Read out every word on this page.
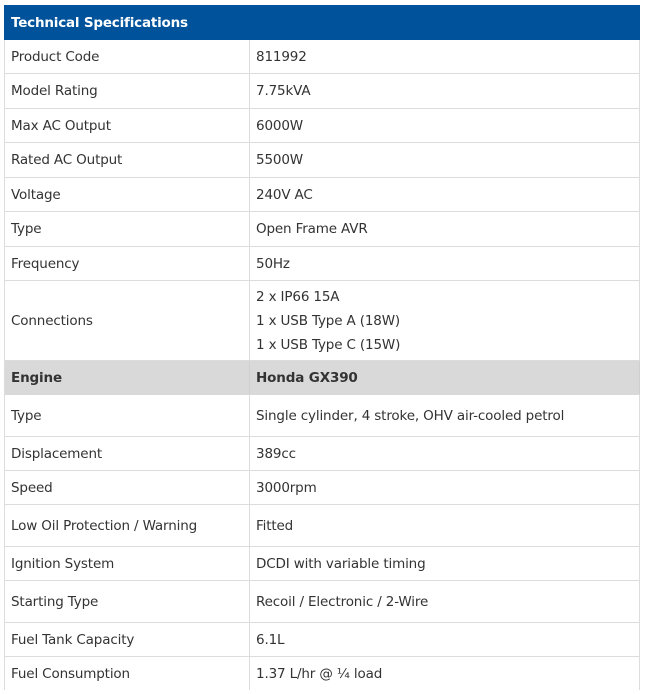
Technical Specifications	
Product Code	811992
Model Rating	7.75kVA
Max AC Output	6000W
Rated AC Output	5500W
Voltage	240V AC
Type	Open Frame AVR
Frequency	50Hz
Connections	2 x IP66 15A
1 x USB Type A (18W)
1 x USB Type C (15W)

Engine	Honda GX390
Type	Single cylinder, 4 stroke, OHV air-cooled petrol
Displacement	389cc
Speed	3000rpm
Low Oil Protection / Warning	Fitted
Ignition System	DCDI with variable timing
Starting Type	Recoil / Electronic / 2-Wire
Fuel Tank Capacity	6.1L
Fuel Consumption	1.37 L/hr @ ¼ load
